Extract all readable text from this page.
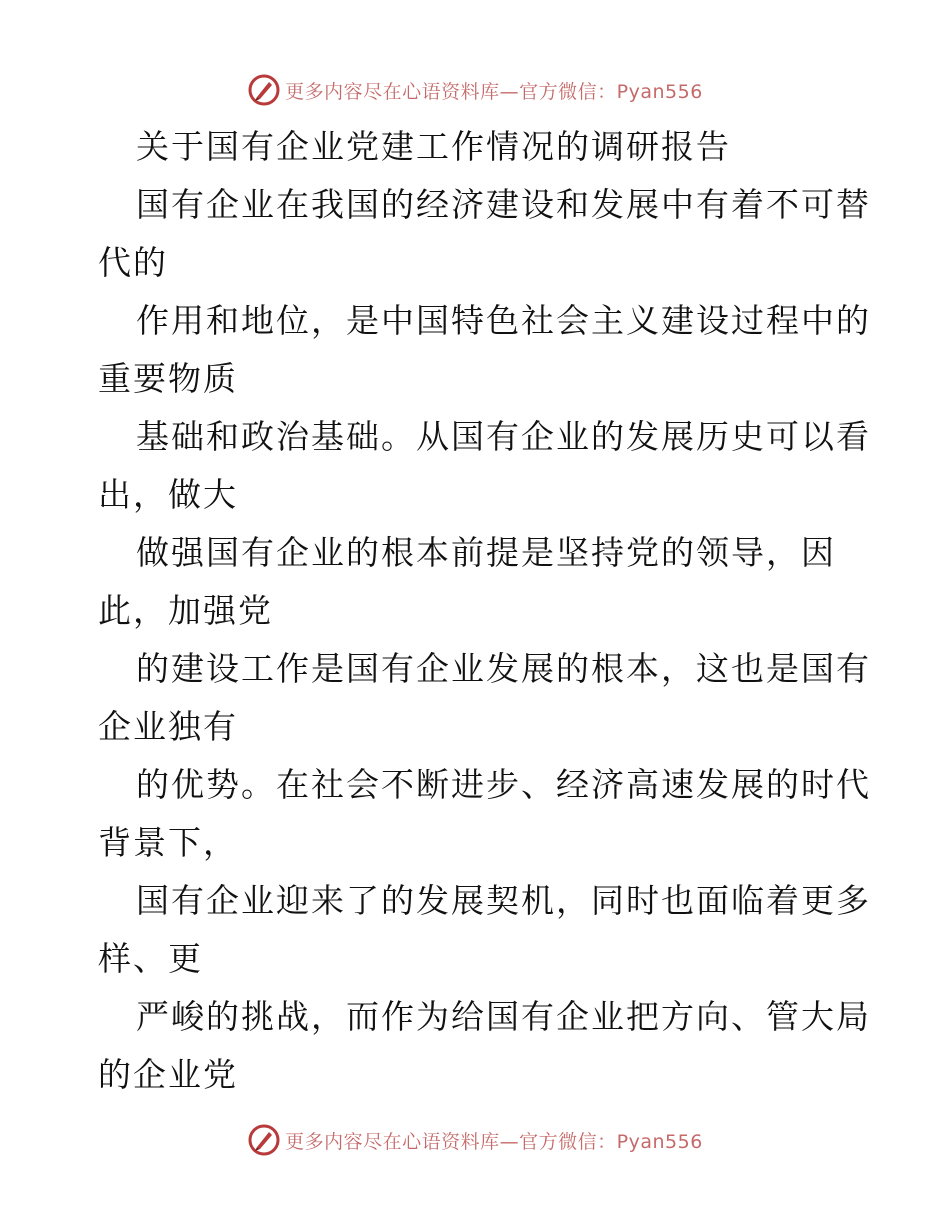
更多内容尽在心语资料库—官方微信：Pyan556
关于国有企业党建工作情况的调研报告
国有企业在我国的经济建设和发展中有着不可替
代的
作用和地位，是中国特色社会主义建设过程中的
重要物质
基础和政治基础。从国有企业的发展历史可以看
出，做大
做强国有企业的根本前提是坚持党的领导，因
此，加强党
的建设工作是国有企业发展的根本，这也是国有
企业独有
的优势。在社会不断进步、经济高速发展的时代
背景下，
国有企业迎来了的发展契机，同时也面临着更多
样、更
严峻的挑战，而作为给国有企业把方向、管大局
的企业党
更多内容尽在心语资料库—官方微信：Pyan556
